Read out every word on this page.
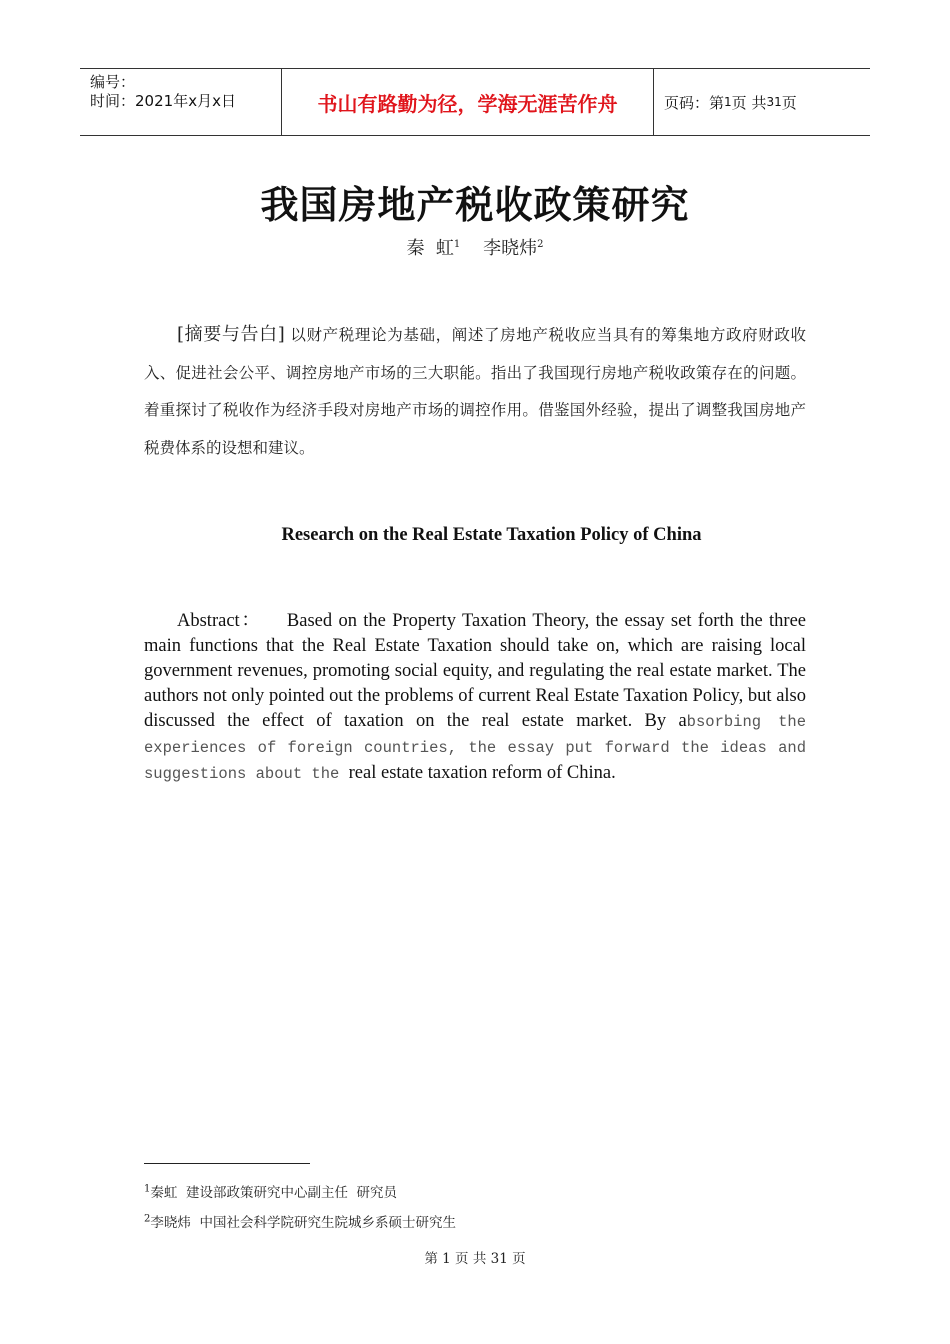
编号：
时间：2021年x月x日	书山有路勤为径，学海无涯苦作舟	页码： 第 1 页 共 31 页
我国房地产税收政策研究
秦  虹$^1$ 李晓炜$^2$
[摘要与告白] 以财产税理论为基础，阐述了房地产税收应当具有的筹集地方政府财政收入、促进社会公平、调控房地产市场的三大职能。指出了我国现行房地产税收政策存在的问题。着重探讨了税收作为经济手段对房地产市场的调控作用。借鉴国外经验，提出了调整我国房地产税费体系的设想和建议。
Research on the Real Estate Taxation Policy of China
Abstract： Based on the Property Taxation Theory, the essay set forth the three main functions that the Real Estate Taxation should take on, which are raising local government revenues, promoting social equity, and regulating the real estate market. The authors not only pointed out the problems of current Real Estate Taxation Policy, but also discussed the effect of taxation on the real estate market. By absorbing the experiences of foreign countries, the essay put forward the ideas and suggestions about the real estate taxation reform of China.
$^1$秦虹  建设部政策研究中心副主任  研究员
$^2$李晓炜  中国社会科学院研究生院城乡系硕士研究生
第 1 页 共 31 页
